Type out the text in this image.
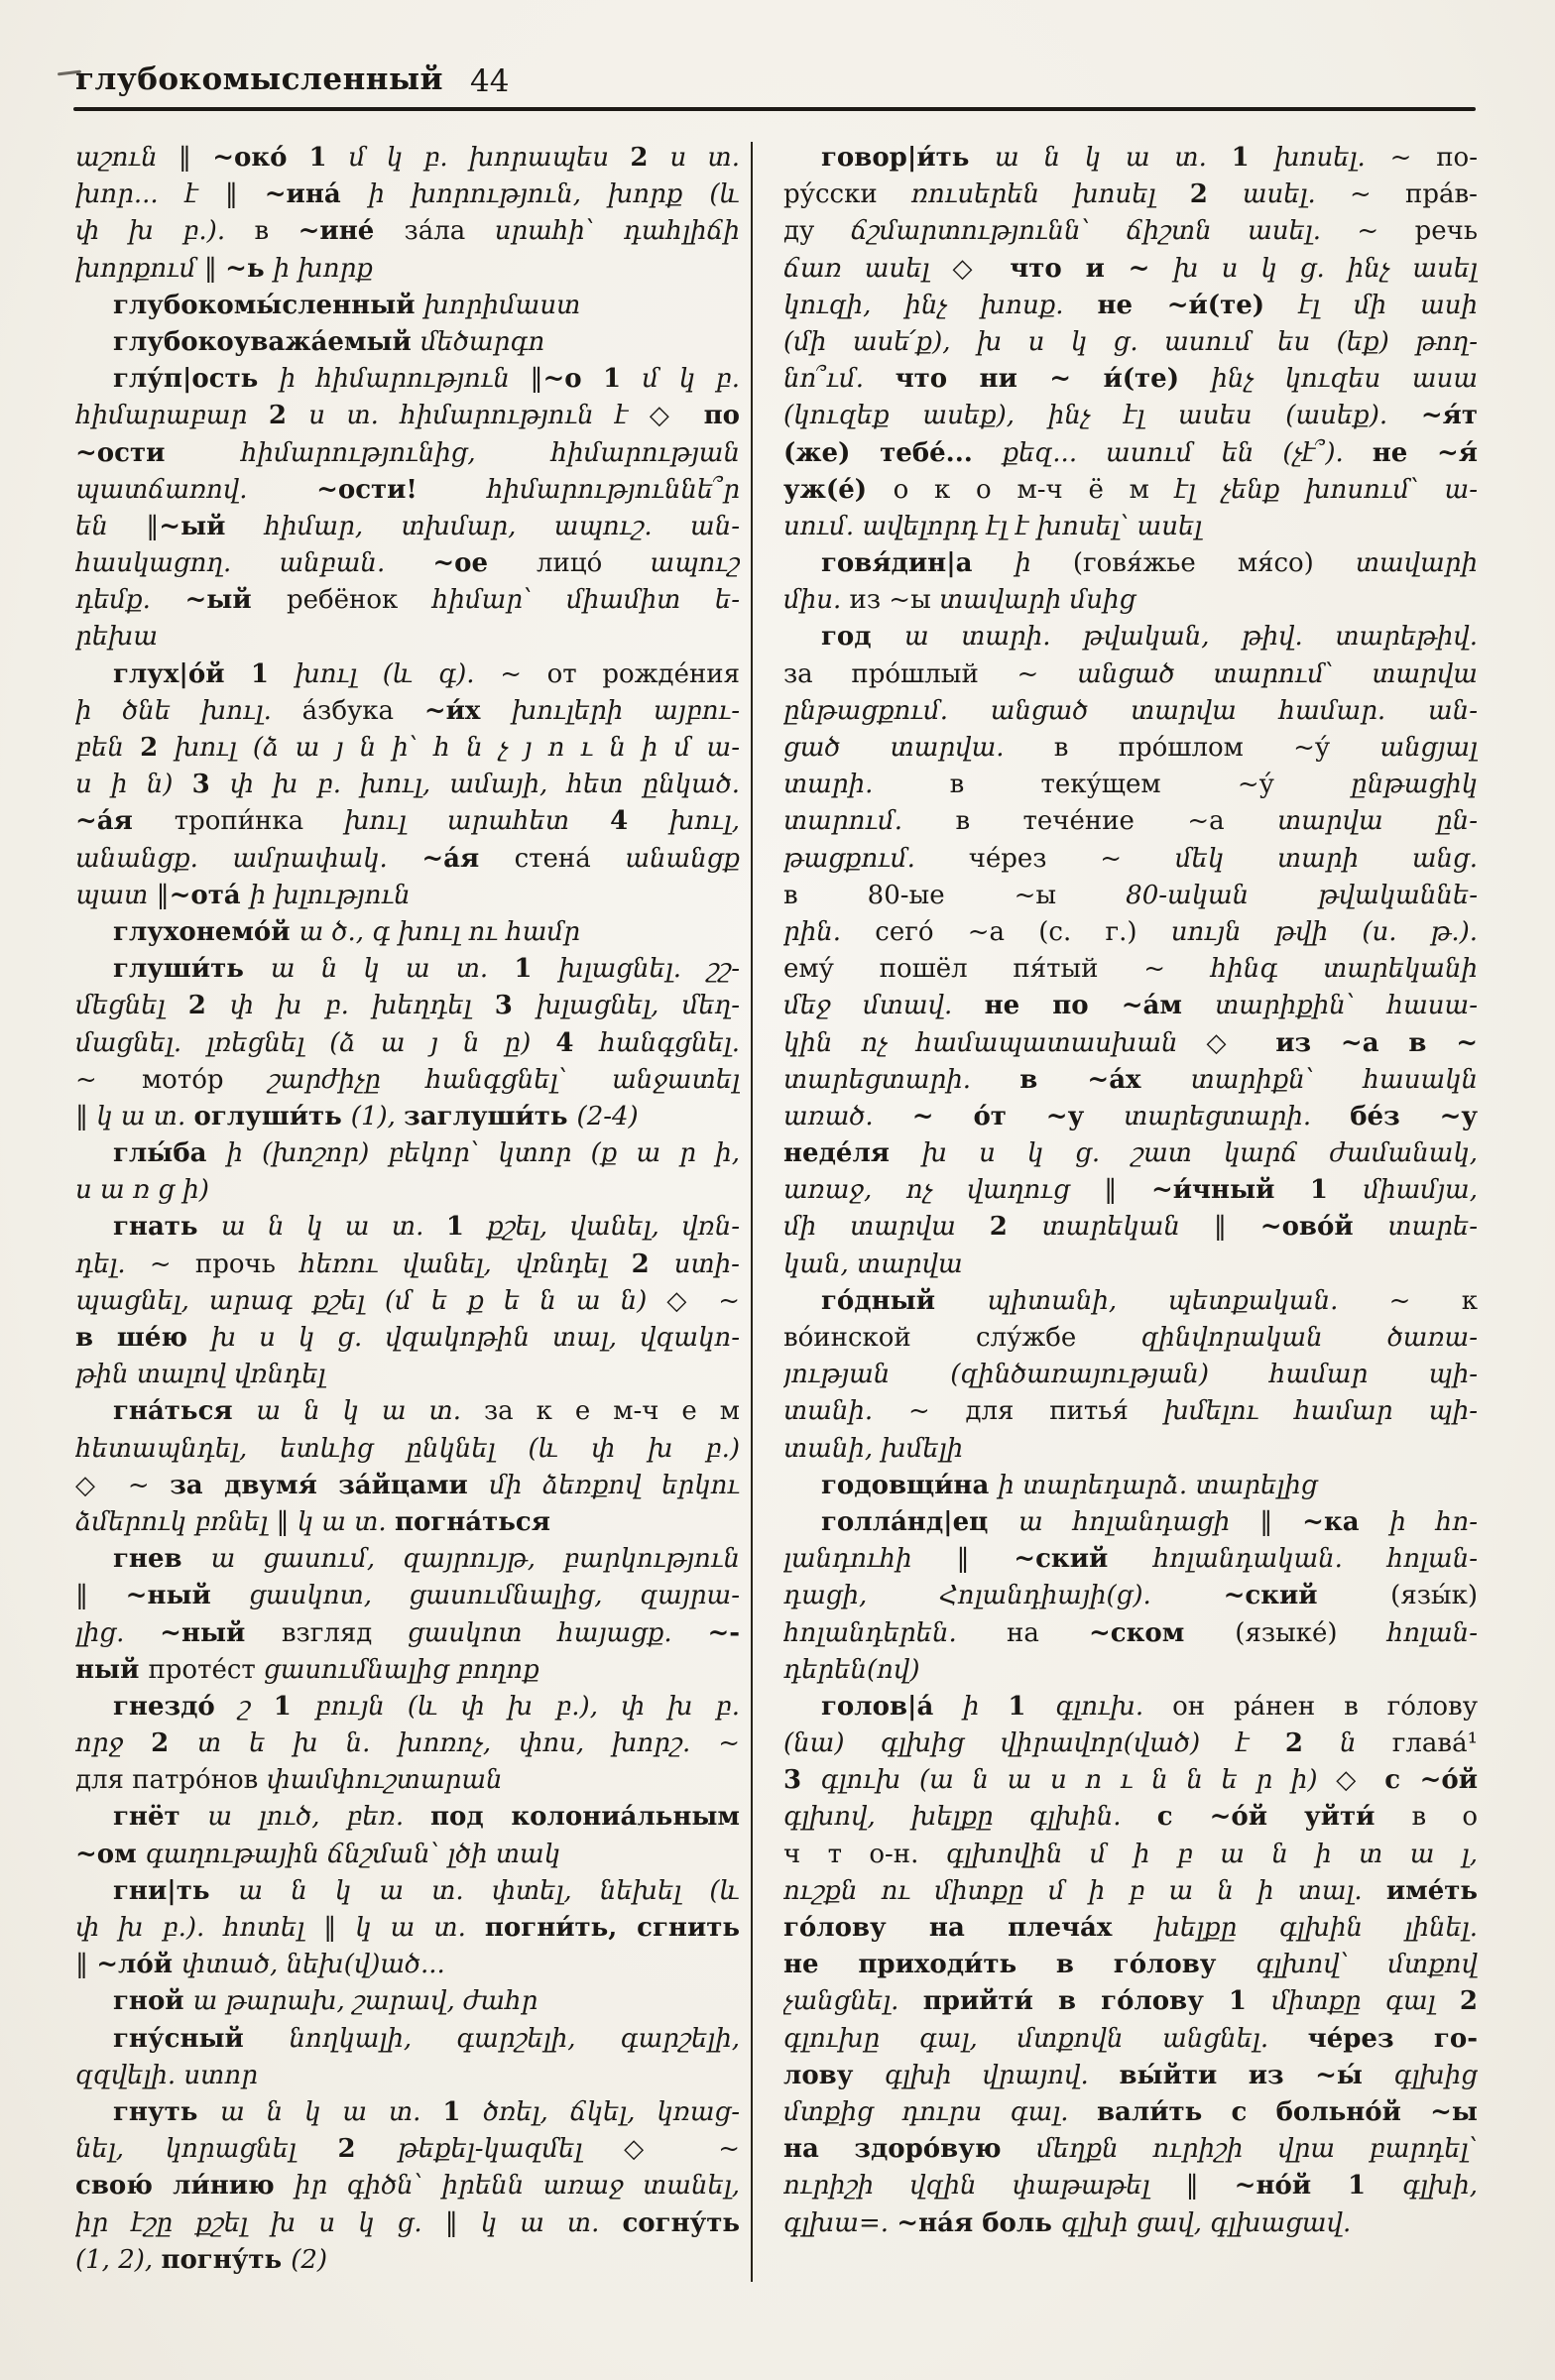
глубокомысленный 44
աշուն ‖ ~окó 1 մ կ բ. խորապես 2 ս տ.
խոր... է ‖ ~инá ի խորություն, խորք (և
փ խ բ.). в ~инé зáла սրահի՝ դահլիճի
խորքում ‖ ~ь ի խորք
глубокомы́сленный խորիմաստ
глубокоуважáемый մեծարգո
глу́п|ость ի հիմարություն ‖~о 1 մ կ բ.
հիմարաբար 2 ս տ. հիմարություն է ◇ по
~ости հիմարությունից, հիմարության
պատճառով. ~ости! հիմարություննե՞ր
են ‖~ый հիմար, տխմար, ապուշ. ան-
հասկացող. անբան. ~ое лицо́ ապուշ
դեմք. ~ый ребёнок հիմար՝ միամիտ ե-
րեխա
глух|о́й 1 խուլ (և գ). ~ от рождéния
ի ծնե խուլ. áзбука ~и́х խուլերի այբու-
բեն 2 խուլ (ձ ա յ ն ի՝ հ ն չ յ ո ւ ն ի մ ա-
ս ի ն) 3 փ խ բ. խուլ, ամայի, հետ ընկած.
~áя тропи́нка խուլ արահետ 4 խուլ,
անանցք. ամրափակ. ~áя стенá անանցք
պատ ‖~отá ի խլություն
глухонемóй ա ծ., գ խուլ ու համր
глуши́ть ա ն կ ա տ. 1 խլացնել. շշ-
մեցնել 2 փ խ բ. խեղդել 3 խլացնել, մեղ-
մացնել. լռեցնել (ձ ա յ ն ը) 4 հանգցնել.
~ мотóр շարժիչը հանգցնել՝ անջատել
‖ կ ա տ. оглуши́ть (1), заглуши́ть (2-4)
глы́ба ի (խոշոր) բեկոր՝ կտոր (ք ա ր ի,
ս ա ռ ց ի)
гнать ա ն կ ա տ. 1 քշել, վանել, վռն-
դել. ~ прочь հեռու վանել, վռնդել 2 ստի-
պացնել, արագ քշել (մ ե ք ե ն ա ն) ◇ ~
в шéю խ ս կ ց. վզակոթին տալ, վզակո-
թին տալով վռնդել
гнáться ա ն կ ա տ. за к е м-ч е м
հետապնդել, ետևից ընկնել (և փ խ բ.)
◇ ~ за двумя́ зáйцами մի ձեռքով երկու
ձմերուկ բռնել ‖ կ ա տ. погнáться
гнев ա ցասում, զայրույթ, բարկություն
‖ ~ный ցասկոտ, ցասումնալից, զայրա-
լից. ~ный взгляд ցասկոտ հայացք. ~-
ный протéст ցասումնալից բողոք
гнездó շ 1 բույն (և փ խ բ.), փ խ բ.
որջ 2 տ ե խ ն. խոռոչ, փոս, խորշ. ~
для патрóнов փամփուշտարան
гнёт ա լուծ, բեռ. под колониáльным
~ом գաղութային ճնշման՝ լծի տակ
гни|ть ա ն կ ա տ. փտել, նեխել (և
փ խ բ.). հոտել ‖ կ ա տ. погни́ть, сгнить
‖ ~лóй փտած, նեխ(վ)ած...
гной ա թարախ, շարավ, ժահր
гну́сный նողկալի, գարշելի, գարշելի,
զզվելի. ստոր
гнуть ա ն կ ա տ. 1 ծռել, ճկել, կռաց-
նել, կորացնել 2 թեքել-կազմել ◇ ~
свою́ ли́нию իր գիծն՝ իրենն առաջ տանել,
իր էշը քշել խ ս կ ց. ‖ կ ա տ. согну́ть
(1, 2), погну́ть (2)
говор|и́ть ա ն կ ա տ. 1 խոսել. ~ по-
ру́сски ռուսերեն խոսել 2 ասել. ~ прáв-
ду ճշմարտությունն՝ ճիշտն ասել. ~ речь
ճառ ասել ◇ что и ~ խ ս կ ց. ինչ ասել
կուզի, ինչ խոսք. не ~и́(те) էլ մի ասի
(մի ասե՛ք), խ ս կ ց. ասում ես (եք) թող-
նո՞ւմ. что ни ~ и́(те) ինչ կուզես ասա
(կուզեք ասեք), ինչ էլ ասես (ասեք). ~я́т
(же) тебе́... քեզ... ասում են (չէ՞). не ~я́
уж(е́) о к о м-ч ё м էլ չենք խոսում՝ ա-
սում. ավելորդ էլ է խոսել՝ ասել
говя́дин|а ի (говя́жье мя́со) տավարի
միս. из ~ы տավարի մսից
год ա տարի. թվական, թիվ. տարեթիվ.
за прóшлый ~ անցած տարում՝ տարվա
ընթացքում. անցած տարվա համար. ան-
ցած տարվա. в прóшлом ~у́ անցյալ
տարի. в теку́щем ~у́ ընթացիկ
տարում. в течéние ~а տարվա ըն-
թացքում. чéрез ~ մեկ տարի անց.
в 80-ые ~ы 80-ական թվականնե-
րին. сегó ~а (с. г.) սույն թվի (ս. թ.).
ему́ пошёл пя́тый ~ հինգ տարեկանի
մեջ մտավ. не по ~áм տարիքին՝ հասա-
կին ոչ համապատասխան ◇ из ~а в ~
տարեցտարի. в ~áх տարիքն՝ հասակն
առած. ~ óт ~у տարեցտարի. бéз ~у
недéля խ ս կ ց. շատ կարճ ժամանակ,
առաջ, ոչ վաղուց ‖ ~и́чный 1 միամյա,
մի տարվա 2 տարեկան ‖ ~овóй տարե-
կան, տարվա
гóдный պիտանի, պետքական. ~ к
вóинской слу́жбе զինվորական ծառա-
յության (զինծառայության) համար պի-
տանի. ~ для питья́ խմելու համար պի-
տանի, խմելի
годовщи́на ի տարեդարձ. տարելից
голлáнд|ец ա հոլանդացի ‖ ~ка ի հո-
լանդուհի ‖ ~ский հոլանդական. հոլան-
դացի, Հոլանդիայի(ց). ~ский (язы́к)
հոլանդերեն. на ~ском (языке́) հոլան-
դերեն(ով)
голов|á ի 1 գլուխ. он рáнен в гóлову
(նա) գլխից վիրավոր(ված) է 2 ն глава́¹
3 գլուխ (ա ն ա ս ո ւ ն ն ե ր ի) ◇ с ~óй
գլխով, խելքը գլխին. с ~óй уйти́ в о
ч т о-н. գլխովին մ ի բ ա ն ի տ ա լ,
ուշքն ու միտքը մ ի բ ա ն ի տալ. имéть
гóлову на плечáх խելքը գլխին լինել.
не приходи́ть в гóлову գլխով՝ մտքով
չանցնել. прийти́ в гóлову 1 միտքը գալ 2
գլուխը գալ, մտքովն անցնել. чéрез го-
лову գլխի վրայով. вы́йти из ~ы́ գլխից
մտքից դուրս գալ. вали́ть с больнóй ~ы
на здорóвую մեղքն ուրիշի վրա բարդել՝
ուրիշի վզին փաթաթել ‖ ~нóй 1 գլխի,
գլխա=. ~нáя боль գլխի ցավ, գլխացավ.
